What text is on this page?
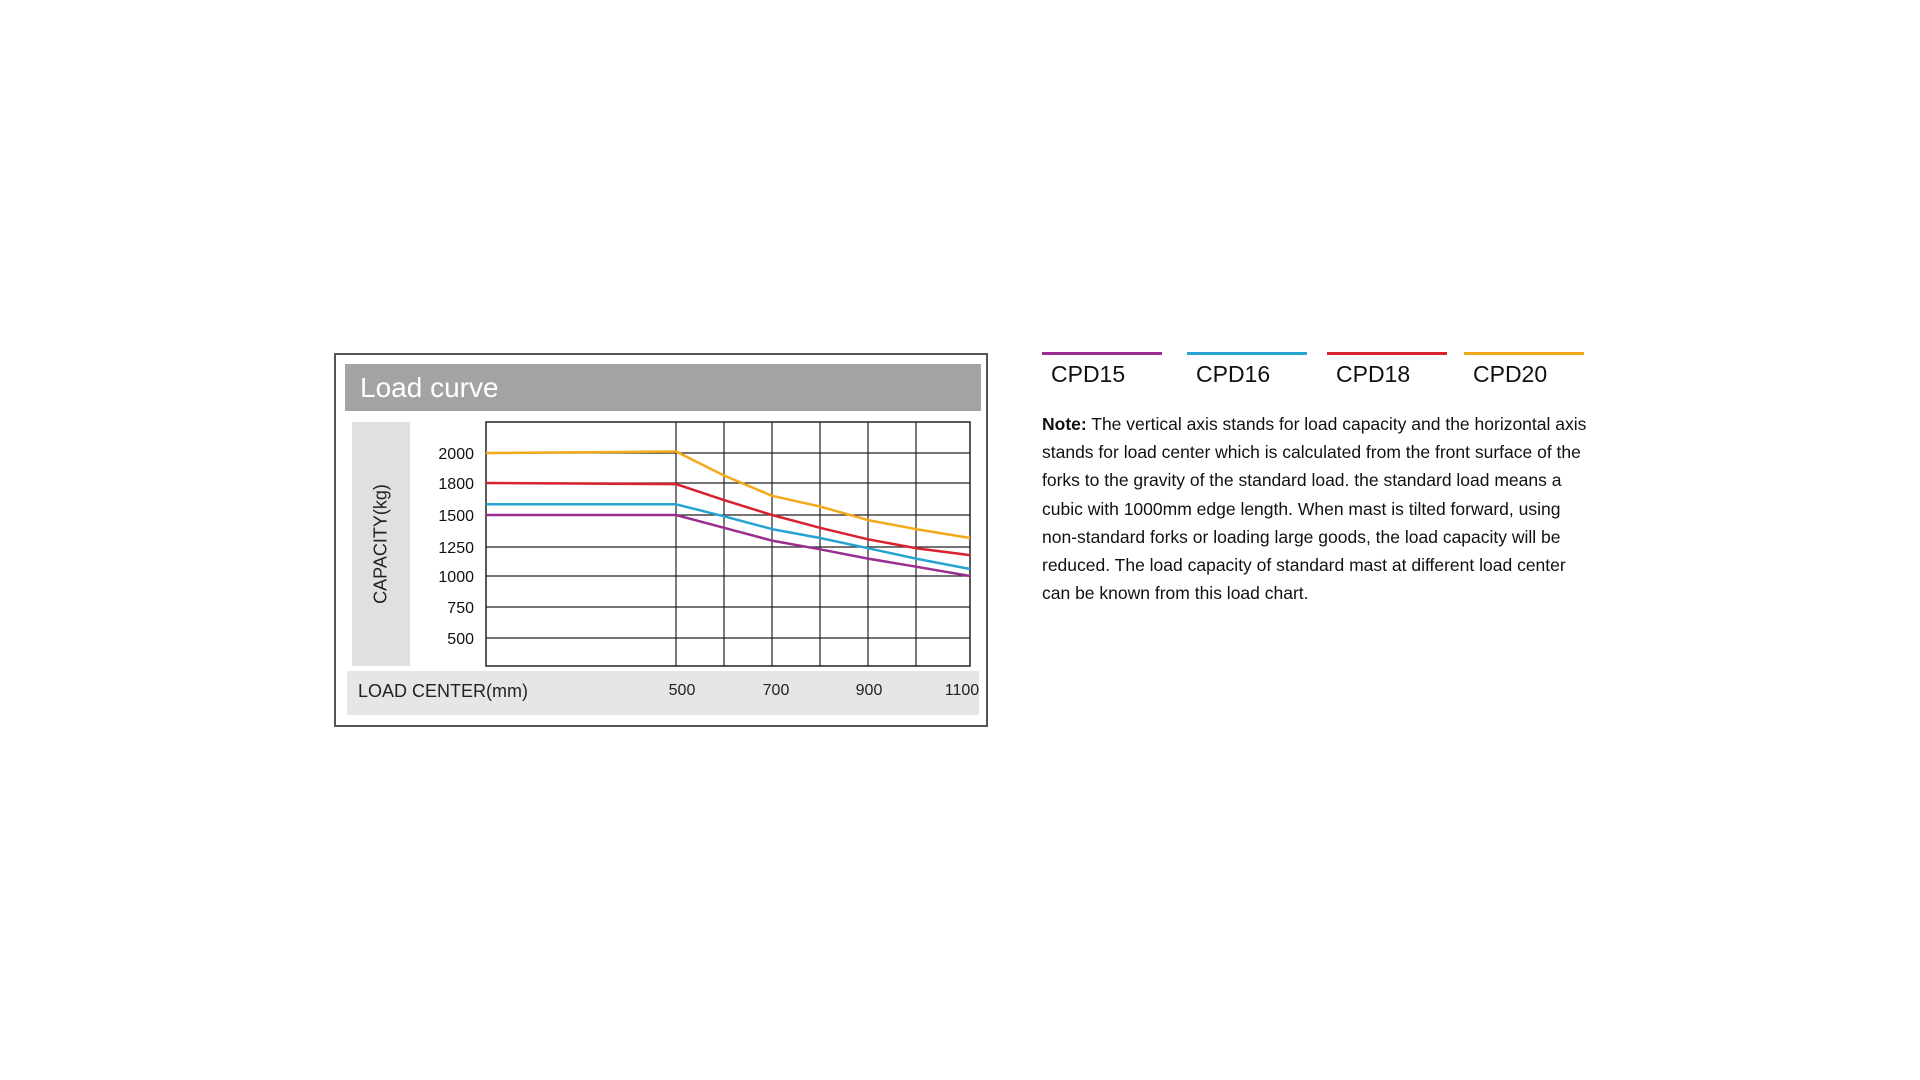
Load curve
CAPACITY(kg)
LOAD CENTER(mm)
2000
1800
1500
1250
1000
750
500
500	700	900	1100
CPD15	CPD16	CPD18	CPD20
Note: The vertical axis stands for load capacity and the horizontal axis stands for load center which is calculated from the front surface of the forks to the gravity of the standard load. the standard load means a cubic with 1000mm edge length. When mast is tilted forward, using non-standard forks or loading large goods, the load capacity will be reduced. The load capacity of standard mast at different load center can be known from this load chart.
